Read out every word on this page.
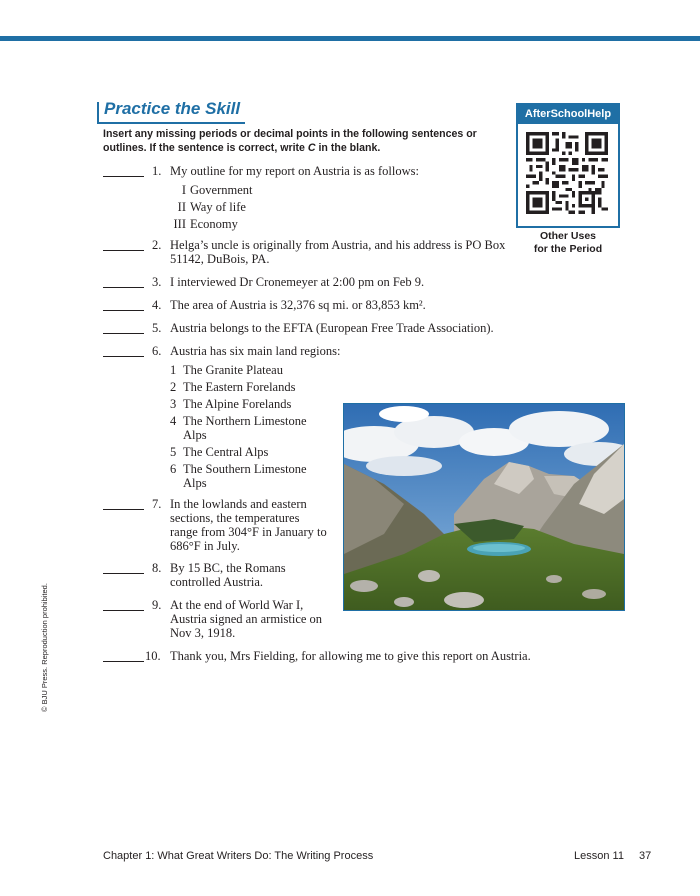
Practice the Skill
Insert any missing periods or decimal points in the following sentences or
outlines. If the sentence is correct, write C in the blank.
AfterSchoolHelp
Other Uses
for the Period
1. My outline for my report on Austria is as follows:
I Government
II Way of life
III Economy
2. Helga’s uncle is originally from Austria, and his address is PO Box
51142, DuBois, PA.
3. I interviewed Dr Cronemeyer at 2:00 pm on Feb 9.
4. The area of Austria is 32,376 sq mi. or 83,853 km².
5. Austria belongs to the EFTA (European Free Trade Association).
6. Austria has six main land regions:
1 The Granite Plateau
2 The Eastern Forelands
3 The Alpine Forelands
4 The Northern Limestone
Alps
5 The Central Alps
6 The Southern Limestone
Alps
7. In the lowlands and eastern
sections, the temperatures
range from 304°F in January to
686°F in July.
8. By 15 BC, the Romans
controlled Austria.
9. At the end of World War I,
Austria signed an armistice on
Nov 3, 1918.
10. Thank you, Mrs Fielding, for allowing me to give this report on Austria.
© BJU Press. Reproduction prohibited.
Chapter 1: What Great Writers Do: The Writing Process	Lesson 11 37
